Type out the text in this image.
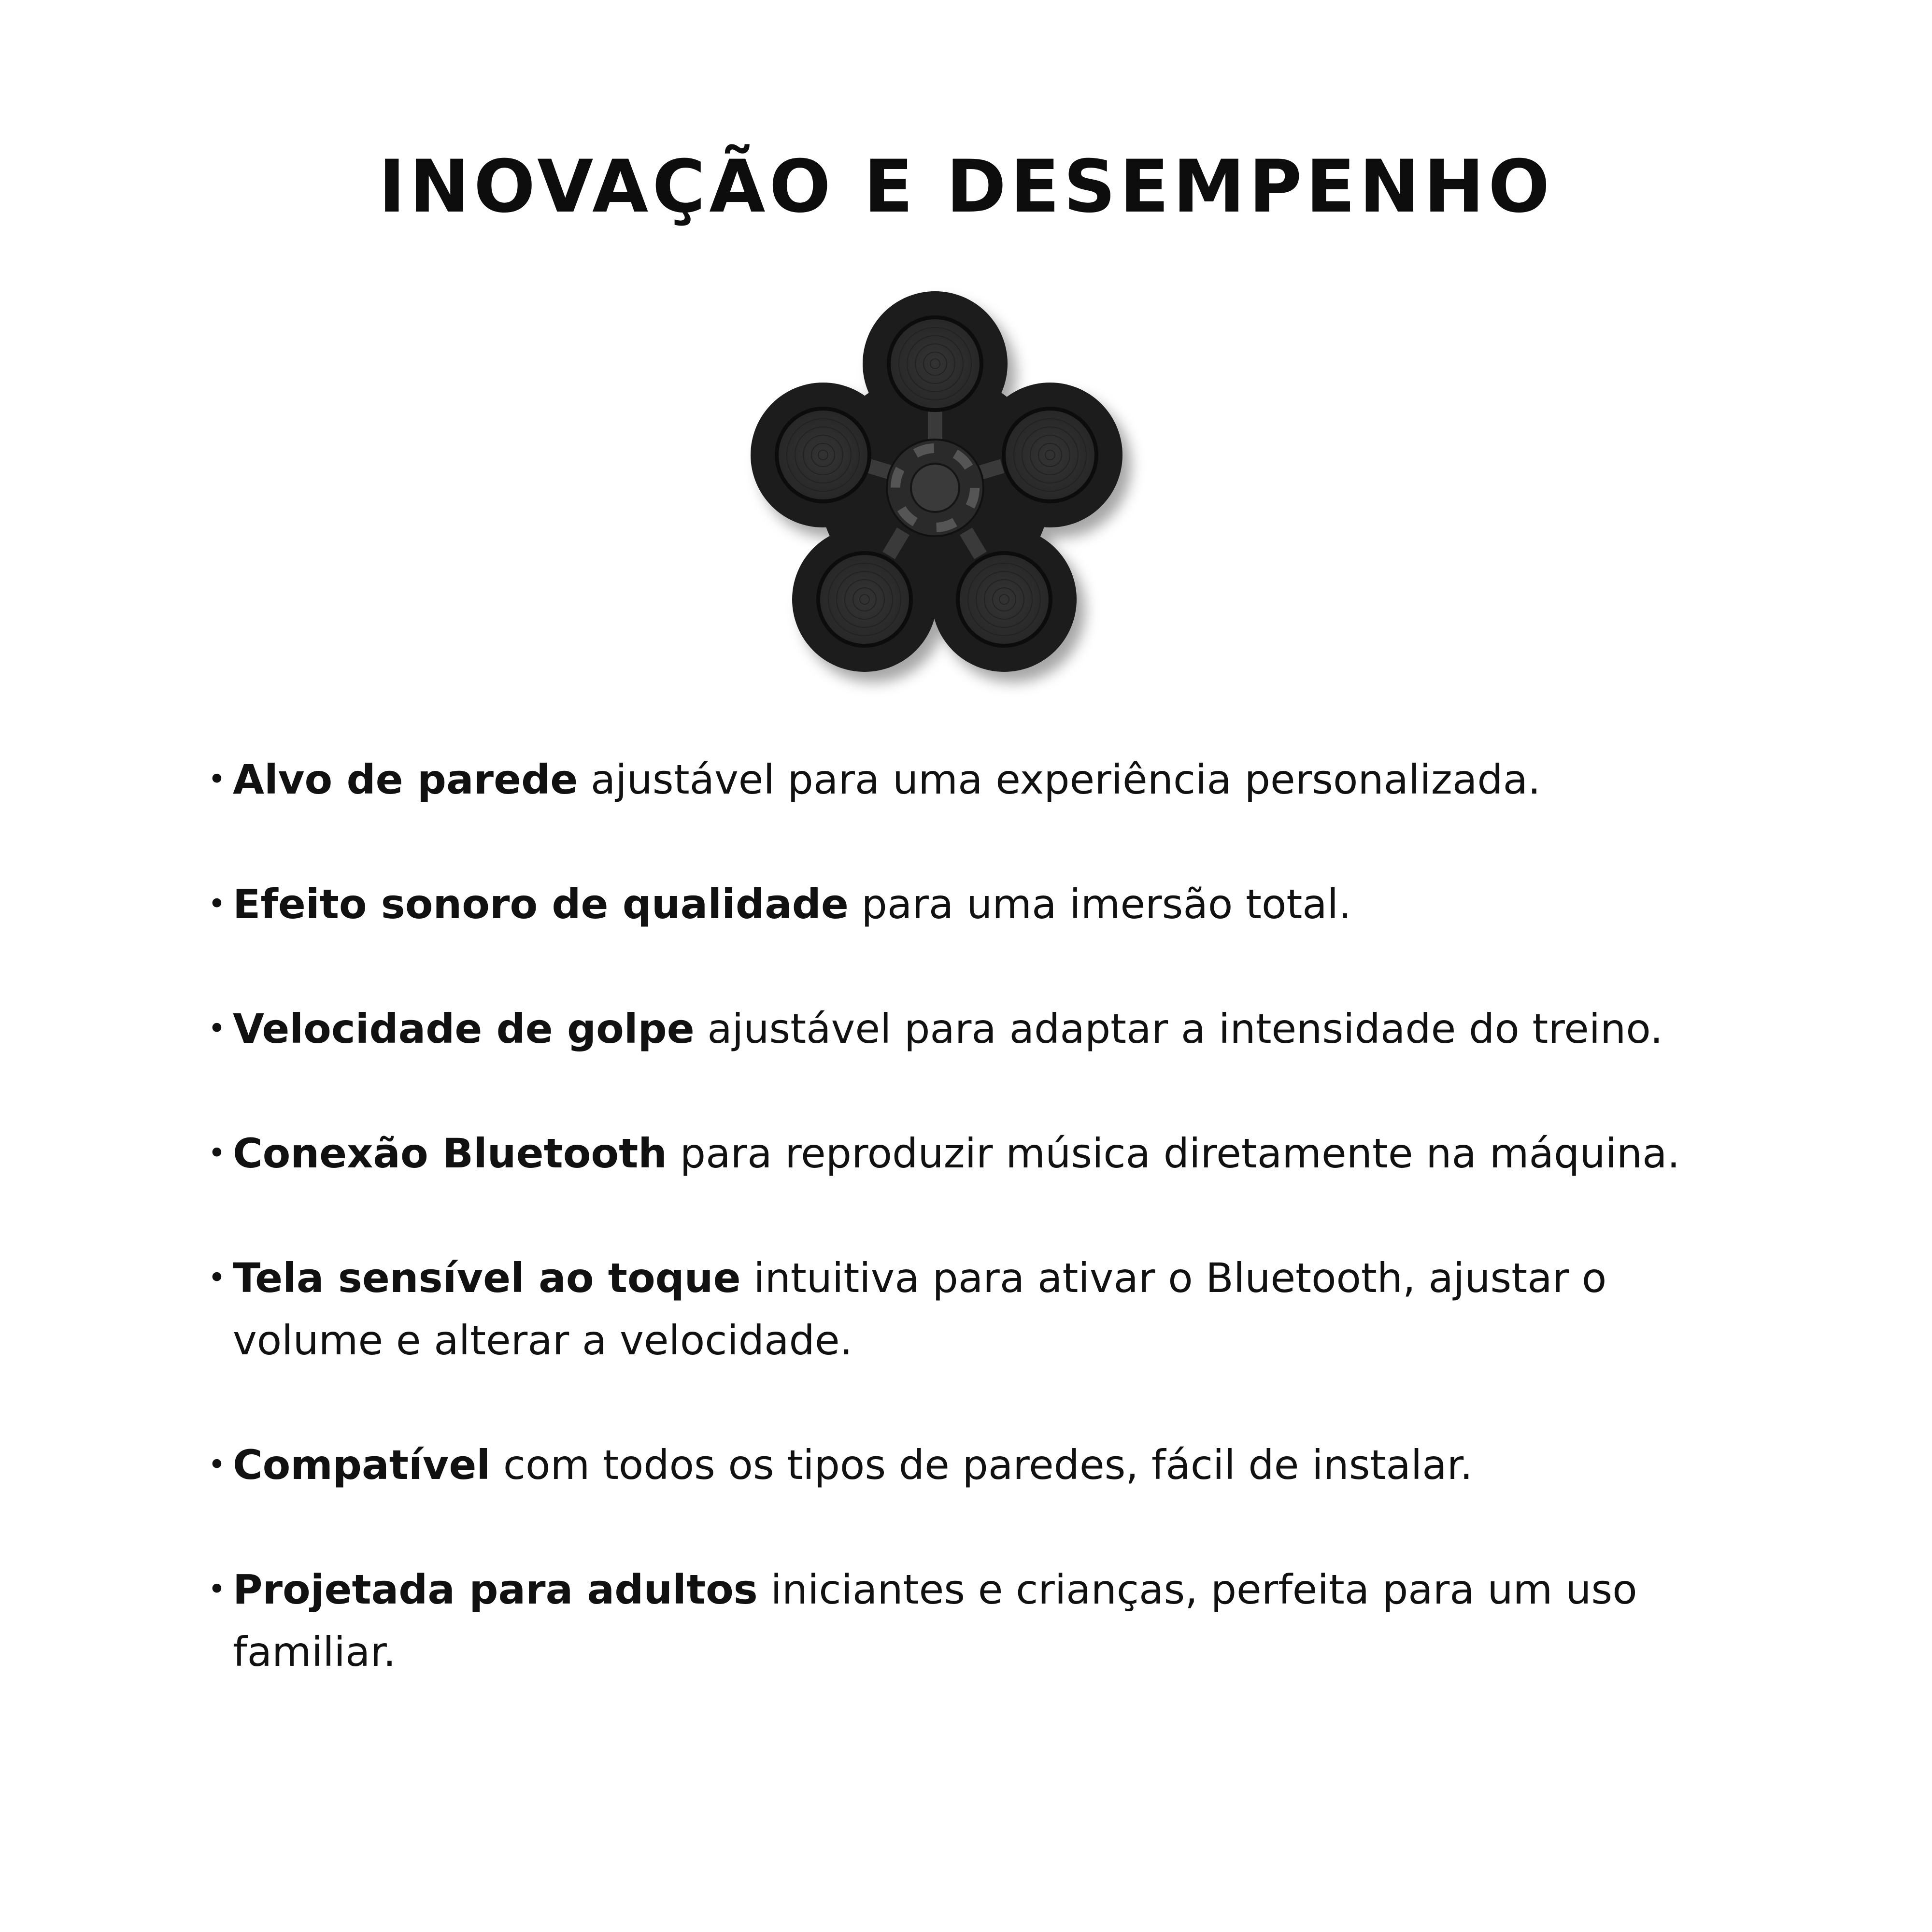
INOVAÇÃO E DESEMPENHO
• Alvo de parede ajustável para uma experiência personalizada.
• Efeito sonoro de qualidade para uma imersão total.
• Velocidade de golpe ajustável para adaptar a intensidade do treino.
• Conexão Bluetooth para reproduzir música diretamente na máquina.
• Tela sensível ao toque intuitiva para ativar o Bluetooth, ajustar o volume e alterar a velocidade.
• Compatível com todos os tipos de paredes, fácil de instalar.
• Projetada para adultos iniciantes e crianças, perfeita para um uso familiar.
